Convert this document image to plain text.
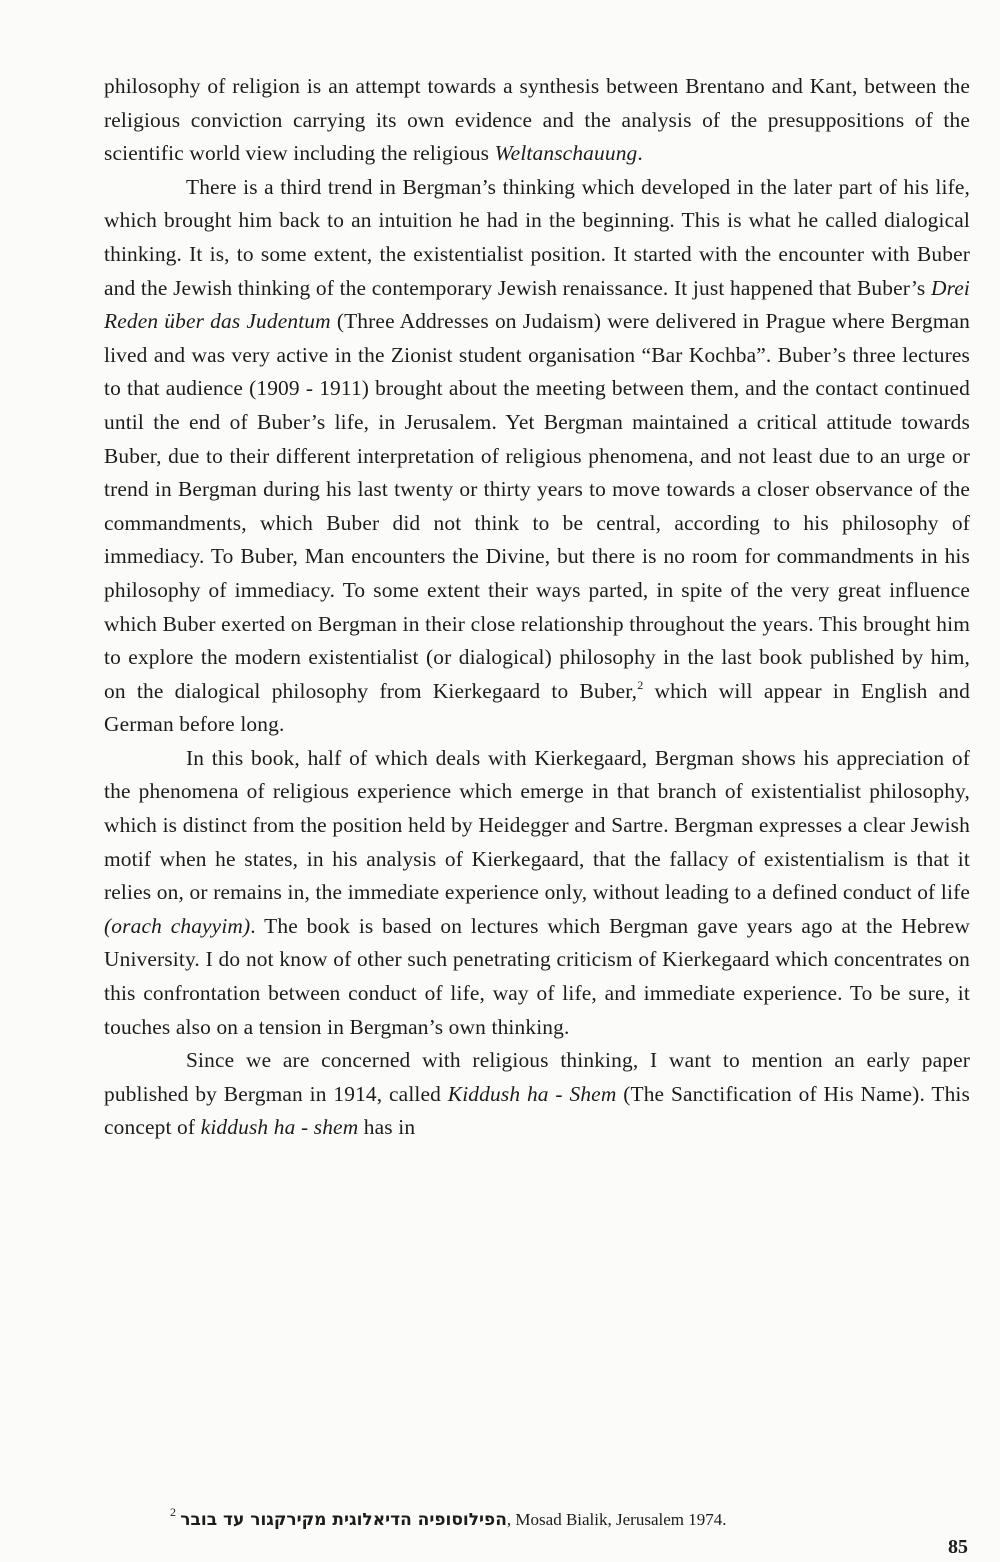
philosophy of religion is an attempt towards a synthesis between Brentano and Kant, between the religious conviction carrying its own evidence and the analysis of the presuppositions of the scientific world view including the religious Weltanschauung.

There is a third trend in Bergman’s thinking which developed in the later part of his life, which brought him back to an intuition he had in the beginning. This is what he called dialogical thinking. It is, to some extent, the existentialist position. It started with the encounter with Buber and the Jewish thinking of the contemporary Jewish renaissance. It just happened that Buber’s Drei Reden über das Judentum (Three Addresses on Judaism) were delivered in Prague where Bergman lived and was very active in the Zionist student organisation “Bar Kochba”. Buber’s three lectures to that audience (1909 - 1911) brought about the meeting between them, and the contact continued until the end of Buber’s life, in Jerusalem. Yet Bergman maintained a critical attitude towards Buber, due to their different interpretation of religious phenomena, and not least due to an urge or trend in Bergman during his last twenty or thirty years to move towards a closer observance of the commandments, which Buber did not think to be central, according to his philosophy of immediacy. To Buber, Man encounters the Divine, but there is no room for commandments in his philosophy of immediacy. To some extent their ways parted, in spite of the very great influence which Buber exerted on Bergman in their close relationship throughout the years. This brought him to explore the modern existentialist (or dialogical) philosophy in the last book published by him, on the dialogical philosophy from Kierkegaard to Buber,$^2$ which will appear in English and German before long.

In this book, half of which deals with Kierkegaard, Bergman shows his appreciation of the phenomena of religious experience which emerge in that branch of existentialist philosophy, which is distinct from the position held by Heidegger and Sartre. Bergman expresses a clear Jewish motif when he states, in his analysis of Kierkegaard, that the fallacy of existentialism is that it relies on, or remains in, the immediate experience only, without leading to a defined conduct of life (orach chayyim). The book is based on lectures which Bergman gave years ago at the Hebrew University. I do not know of other such penetrating criticism of Kierkegaard which concentrates on this confrontation between conduct of life, way of life, and immediate experience. To be sure, it touches also on a tension in Bergman’s own thinking.

Since we are concerned with religious thinking, I want to mention an early paper published by Bergman in 1914, called Kiddush ha - Shem (The Sanctification of His Name). This concept of kiddush ha - shem has in

$^2$ הפילוסופיה הדיאלוגית מקירקגור עד בובר, Mosad Bialik, Jerusalem 1974.
85
